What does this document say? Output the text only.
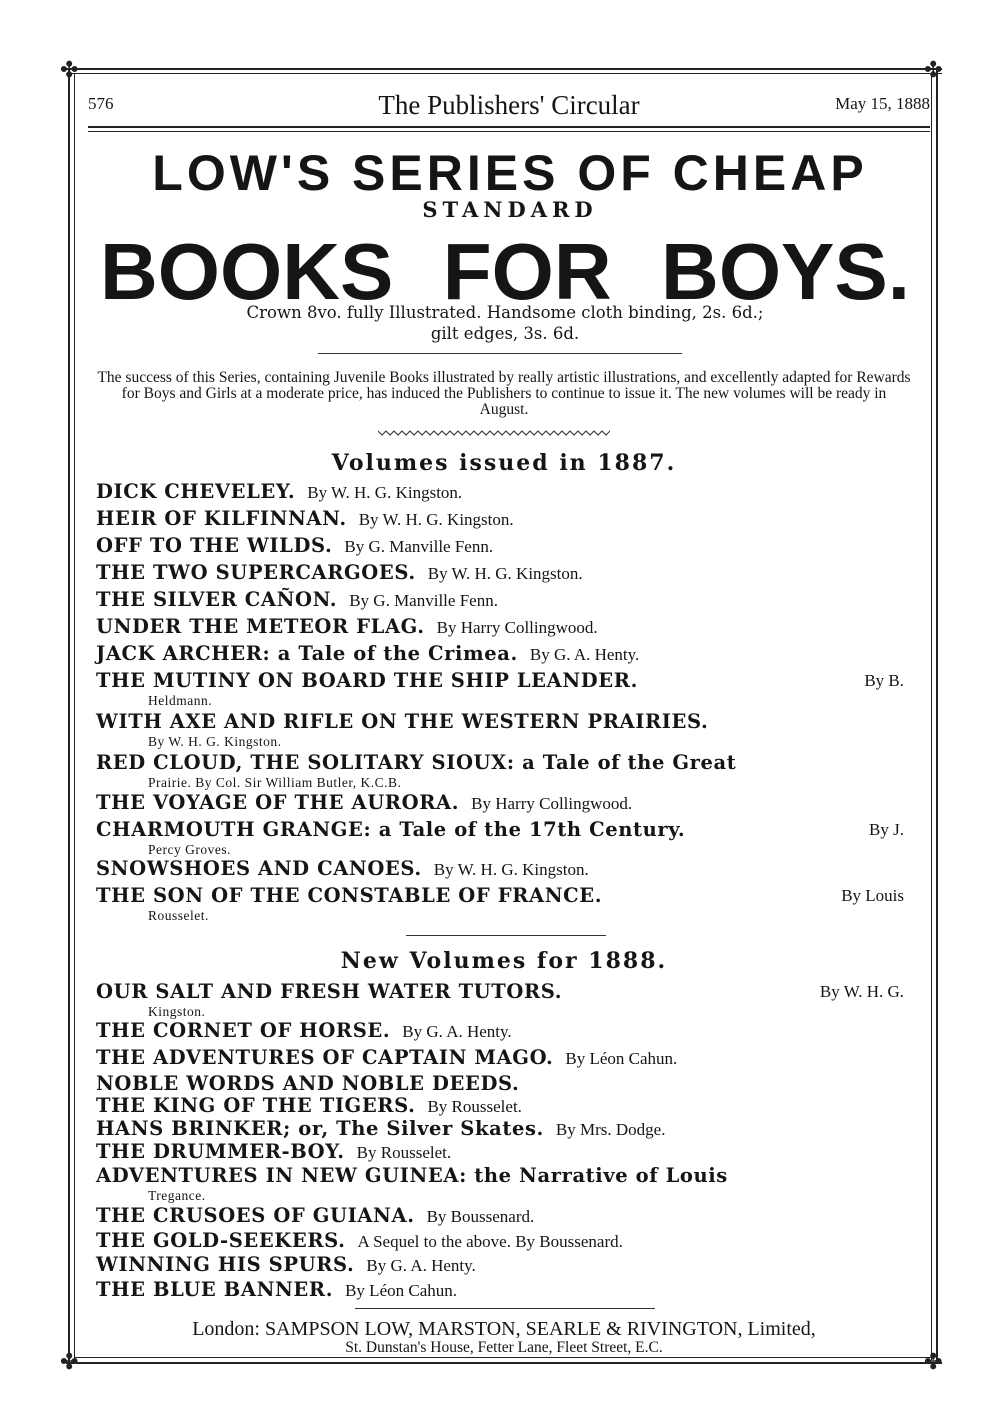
✤	✤
✤	✤
576	The Publishers' Circular	May 15, 1888
LOW'S SERIES OF CHEAP
STANDARD
BOOKS FOR BOYS.
Crown 8vo. fully Illustrated. Handsome cloth binding, 2s. 6d.;
gilt edges, 3s. 6d.
The success of this Series, containing Juvenile Books illustrated by really artistic illustrations, and excellently adapted for Rewards for Boys and Girls at a moderate price, has induced the Publishers to continue to issue it. The new volumes will be ready in August.
Volumes issued in 1887.
DICK CHEVELEY. By W. H. G. Kingston.
HEIR OF KILFINNAN. By W. H. G. Kingston.
OFF TO THE WILDS. By G. Manville Fenn.
THE TWO SUPERCARGOES. By W. H. G. Kingston.
THE SILVER CAÑON. By G. Manville Fenn.
UNDER THE METEOR FLAG. By Harry Collingwood.
JACK ARCHER: a Tale of the Crimea. By G. A. Henty.
THE MUTINY ON BOARD THE SHIP LEANDER.	By B.
Heldmann.
WITH AXE AND RIFLE ON THE WESTERN PRAIRIES.
By W. H. G. Kingston.
RED CLOUD, THE SOLITARY SIOUX: a Tale of the Great
Prairie. By Col. Sir William Butler, K.C.B.
THE VOYAGE OF THE AURORA. By Harry Collingwood.
CHARMOUTH GRANGE: a Tale of the 17th Century.	By J.
Percy Groves.
SNOWSHOES AND CANOES. By W. H. G. Kingston.
THE SON OF THE CONSTABLE OF FRANCE.	By Louis
Rousselet.
New Volumes for 1888.
OUR SALT AND FRESH WATER TUTORS.	By W. H. G.
Kingston.
THE CORNET OF HORSE. By G. A. Henty.
THE ADVENTURES OF CAPTAIN MAGO. By Léon Cahun.
NOBLE WORDS AND NOBLE DEEDS.
THE KING OF THE TIGERS. By Rousselet.
HANS BRINKER; or, The Silver Skates. By Mrs. Dodge.
THE DRUMMER-BOY. By Rousselet.
ADVENTURES IN NEW GUINEA: the Narrative of Louis
Tregance.
THE CRUSOES OF GUIANA. By Boussenard.
THE GOLD-SEEKERS. A Sequel to the above. By Boussenard.
WINNING HIS SPURS. By G. A. Henty.
THE BLUE BANNER. By Léon Cahun.
London: SAMPSON LOW, MARSTON, SEARLE & RIVINGTON, Limited,
St. Dunstan's House, Fetter Lane, Fleet Street, E.C.
